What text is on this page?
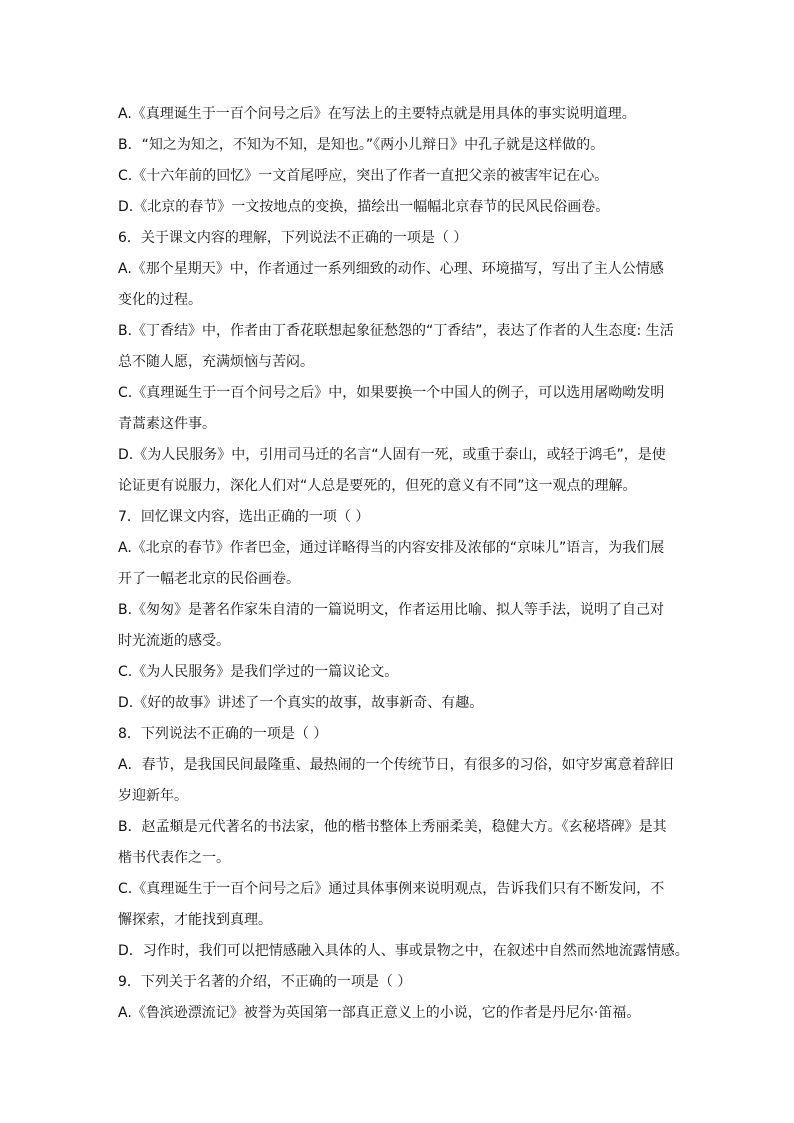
A.《真理诞生于一百个问号之后》在写法上的主要特点就是用具体的事实说明道理。
B．“知之为知之，不知为不知，是知也。”《两小儿辩日》中孔子就是这样做的。
C.《十六年前的回忆》一文首尾呼应，突出了作者一直把父亲的被害牢记在心。
D.《北京的春节》一文按地点的变换，描绘出一幅幅北京春节的民风民俗画卷。
6．关于课文内容的理解，下列说法不正确的一项是（ ）
A.《那个星期天》中，作者通过一系列细致的动作、心理、环境描写，写出了主人公情感
变化的过程。
B.《丁香结》中，作者由丁香花联想起象征愁怨的“丁香结”，表达了作者的人生态度: 生活
总不随人愿，充满烦恼与苦闷。
C.《真理诞生于一百个问号之后》中，如果要换一个中国人的例子，可以选用屠呦呦发明
青蒿素这件事。
D.《为人民服务》中，引用司马迁的名言“人固有一死，或重于泰山，或轻于鸿毛”，是使
论证更有说服力，深化人们对“人总是要死的，但死的意义有不同”这一观点的理解。
7．回忆课文内容，选出正确的一项（ ）
A.《北京的春节》作者巴金，通过详略得当的内容安排及浓郁的“京味儿”语言，为我们展
开了一幅老北京的民俗画卷。
B.《匆匆》是著名作家朱自清的一篇说明文，作者运用比喻、拟人等手法，说明了自己对
时光流逝的感受。
C.《为人民服务》是我们学过的一篇议论文。
D.《好的故事》讲述了一个真实的故事，故事新奇、有趣。
8．下列说法不正确的一项是（ ）
A．春节，是我国民间最隆重、最热闹的一个传统节日，有很多的习俗，如守岁寓意着辞旧
岁迎新年。
B．赵孟頫是元代著名的书法家，他的楷书整体上秀丽柔美，稳健大方。《玄秘塔碑》是其
楷书代表作之一。
C.《真理诞生于一百个问号之后》通过具体事例来说明观点，告诉我们只有不断发问，不
懈探索，才能找到真理。
D．习作时，我们可以把情感融入具体的人、事或景物之中，在叙述中自然而然地流露情感。
9．下列关于名著的介绍，不正确的一项是（ ）
A.《鲁滨逊漂流记》被誉为英国第一部真正意义上的小说，它的作者是丹尼尔·笛福。
